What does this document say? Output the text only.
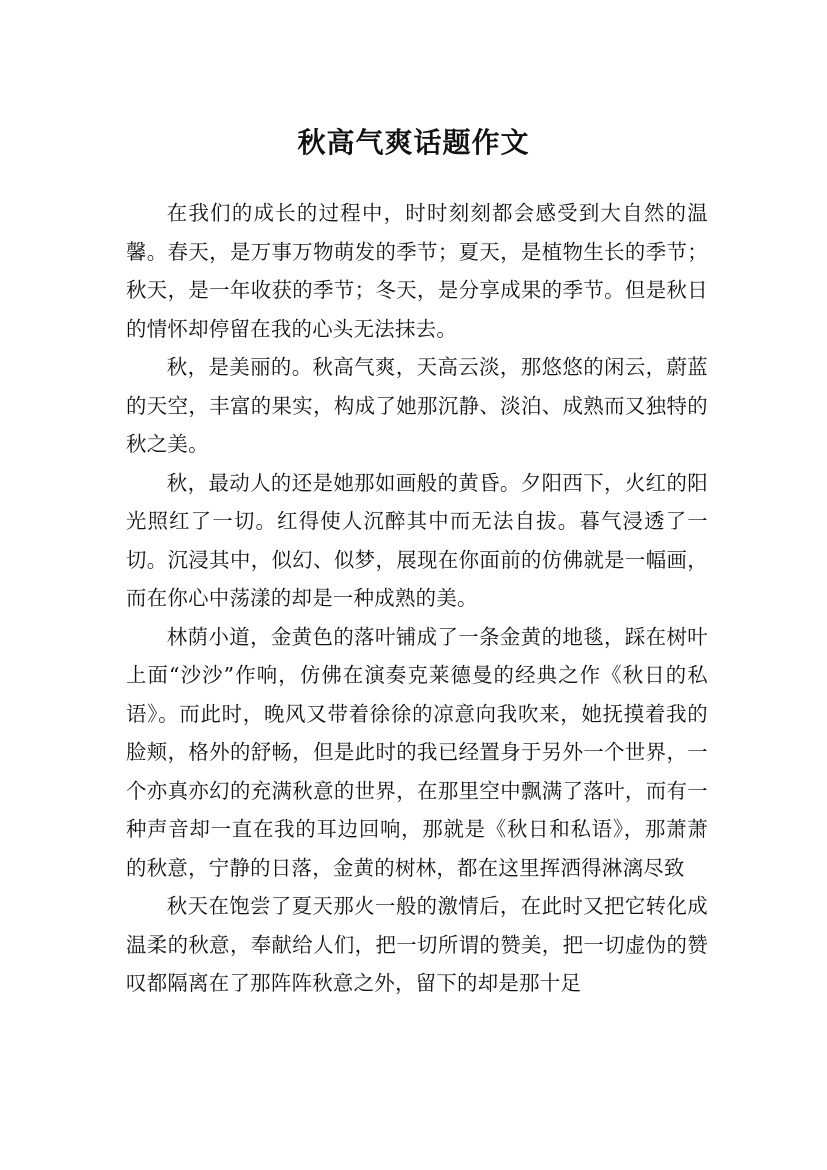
秋高气爽话题作文

在我们的成长的过程中，时时刻刻都会感受到大自然的温馨。春天，是万事万物萌发的季节；夏天，是植物生长的季节；秋天，是一年收获的季节；冬天，是分享成果的季节。但是秋日的情怀却停留在我的心头无法抹去。

秋，是美丽的。秋高气爽，天高云淡，那悠悠的闲云，蔚蓝的天空，丰富的果实，构成了她那沉静、淡泊、成熟而又独特的秋之美。

秋，最动人的还是她那如画般的黄昏。夕阳西下，火红的阳光照红了一切。红得使人沉醉其中而无法自拔。暮气浸透了一切。沉浸其中，似幻、似梦，展现在你面前的仿佛就是一幅画，而在你心中荡漾的却是一种成熟的美。

林荫小道，金黄色的落叶铺成了一条金黄的地毯，踩在树叶上面“沙沙”作响，仿佛在演奏克莱德曼的经典之作《秋日的私语》。而此时，晚风又带着徐徐的凉意向我吹来，她抚摸着我的脸颊，格外的舒畅，但是此时的我已经置身于另外一个世界，一个亦真亦幻的充满秋意的世界，在那里空中飘满了落叶，而有一种声音却一直在我的耳边回响，那就是《秋日和私语》，那萧萧的秋意，宁静的日落，金黄的树林，都在这里挥洒得淋漓尽致

秋天在饱尝了夏天那火一般的激情后，在此时又把它转化成温柔的秋意，奉献给人们，把一切所谓的赞美，把一切虚伪的赞叹都隔离在了那阵阵秋意之外，留下的却是那十足
